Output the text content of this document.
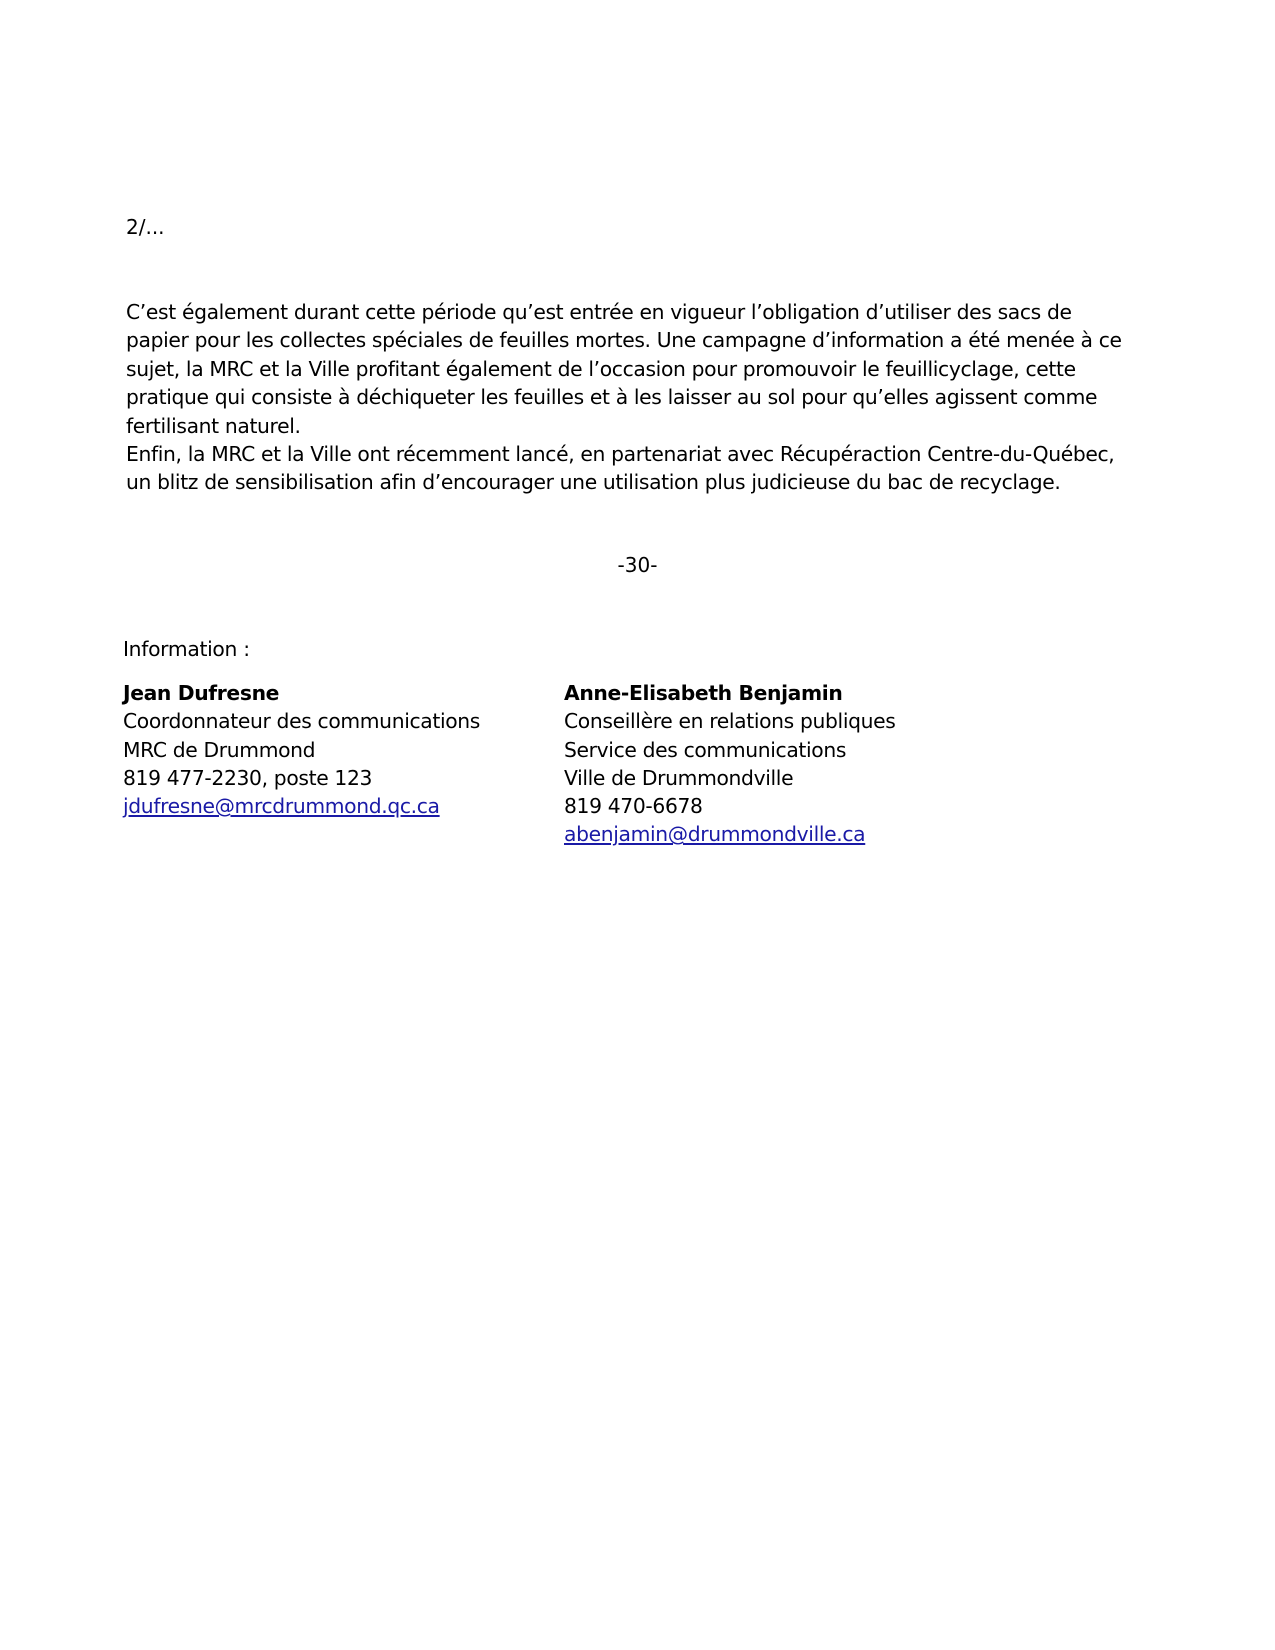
2/...

C’est également durant cette période qu’est entrée en vigueur l’obligation d’utiliser des sacs de papier pour les collectes spéciales de feuilles mortes. Une campagne d’information a été menée à ce sujet, la MRC et la Ville profitant également de l’occasion pour promouvoir le feuillicyclage, cette pratique qui consiste à déchiqueter les feuilles et à les laisser au sol pour qu’elles agissent comme fertilisant naturel.

Enfin, la MRC et la Ville ont récemment lancé, en partenariat avec Récupéraction Centre-du-Québec, un blitz de sensibilisation afin d’encourager une utilisation plus judicieuse du bac de recyclage.

-30-
Information :
Jean Dufresne
Coordonnateur des communications
MRC de Drummond
819 477-2230, poste 123
jdufresne@mrcdrummond.qc.ca
Anne-Elisabeth Benjamin
Conseillère en relations publiques
Service des communications
Ville de Drummondville
819 470-6678
abenjamin@drummondville.ca
